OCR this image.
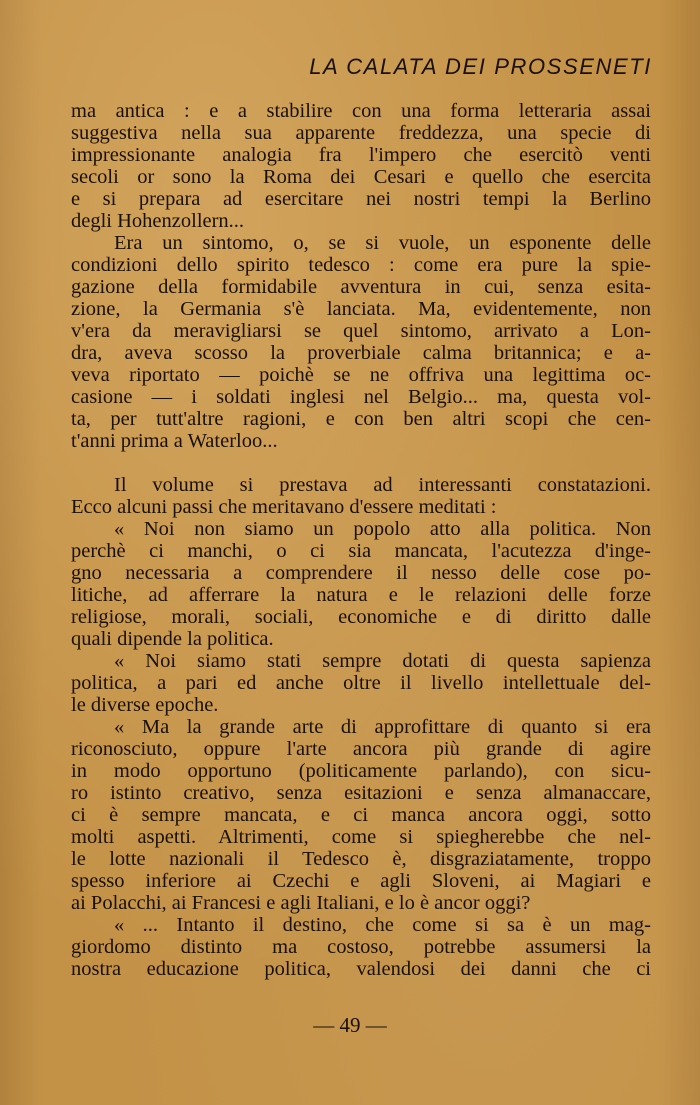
LA CALATA DEI PROSSENETI
ma antica : e a stabilire con una forma letteraria assai
suggestiva nella sua apparente freddezza, una specie di
impressionante analogia fra l'impero che esercitò venti
secoli or sono la Roma dei Cesari e quello che esercita
e si prepara ad esercitare nei nostri tempi la Berlino
degli Hohenzollern...
Era un sintomo, o, se si vuole, un esponente delle
condizioni dello spirito tedesco : come era pure la spie-
gazione della formidabile avventura in cui, senza esita-
zione, la Germania s'è lanciata. Ma, evidentemente, non
v'era da meravigliarsi se quel sintomo, arrivato a Lon-
dra, aveva scosso la proverbiale calma britannica; e a-
veva riportato — poichè se ne offriva una legittima oc-
casione — i soldati inglesi nel Belgio... ma, questa vol-
ta, per tutt'altre ragioni, e con ben altri scopi che cen-
t'anni prima a Waterloo...
Il volume si prestava ad interessanti constatazioni.
Ecco alcuni passi che meritavano d'essere meditati :
« Noi non siamo un popolo atto alla politica. Non
perchè ci manchi, o ci sia mancata, l'acutezza d'inge-
gno necessaria a comprendere il nesso delle cose po-
litiche, ad afferrare la natura e le relazioni delle forze
religiose, morali, sociali, economiche e di diritto dalle
quali dipende la politica.
« Noi siamo stati sempre dotati di questa sapienza
politica, a pari ed anche oltre il livello intellettuale del-
le diverse epoche.
« Ma la grande arte di approfittare di quanto si era
riconosciuto, oppure l'arte ancora più grande di agire
in modo opportuno (politicamente parlando), con sicu-
ro istinto creativo, senza esitazioni e senza almanaccare,
ci è sempre mancata, e ci manca ancora oggi, sotto
molti aspetti. Altrimenti, come si spiegherebbe che nel-
le lotte nazionali il Tedesco è, disgraziatamente, troppo
spesso inferiore ai Czechi e agli Sloveni, ai Magiari e
ai Polacchi, ai Francesi e agli Italiani, e lo è ancor oggi?
« ... Intanto il destino, che come si sa è un mag-
giordomo distinto ma costoso, potrebbe assumersi la
nostra educazione politica, valendosi dei danni che ci
— 49 —
